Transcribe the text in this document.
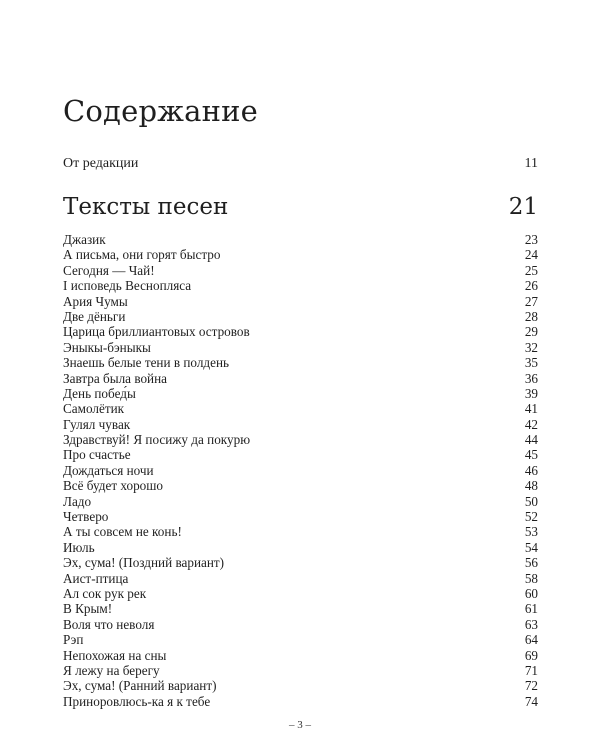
Содержание
От редакции	11
Тексты песен	21
Джазик	23
А письма, они горят быстро	24
Сегодня — Чай!	25
I исповедь Веснопляса	26
Ария Чумы	27
Две дёньги	28
Царица бриллиантовых островов	29
Эныкы-бэныкы	32
Знаешь белые тени в полдень	35
Завтра была война	36
День побед́ы	39
Самолётик	41
Гулял чувак	42
Здравствуй! Я посижу да покурю	44
Про счастье	45
Дождаться ночи	46
Всё будет хорошо	48
Ладо	50
Четверо	52
А ты совсем не конь!	53
Июль	54
Эх, сума! (Поздний вариант)	56
Аист-птица	58
Ал сок рук рек	60
В Крым!	61
Воля что неволя	63
Рэп	64
Непохожая на сны	69
Я лежу на берегу	71
Эх, сума! (Ранний вариант)	72
Приноровлюсь-ка я к тебе	74
– 3 –
